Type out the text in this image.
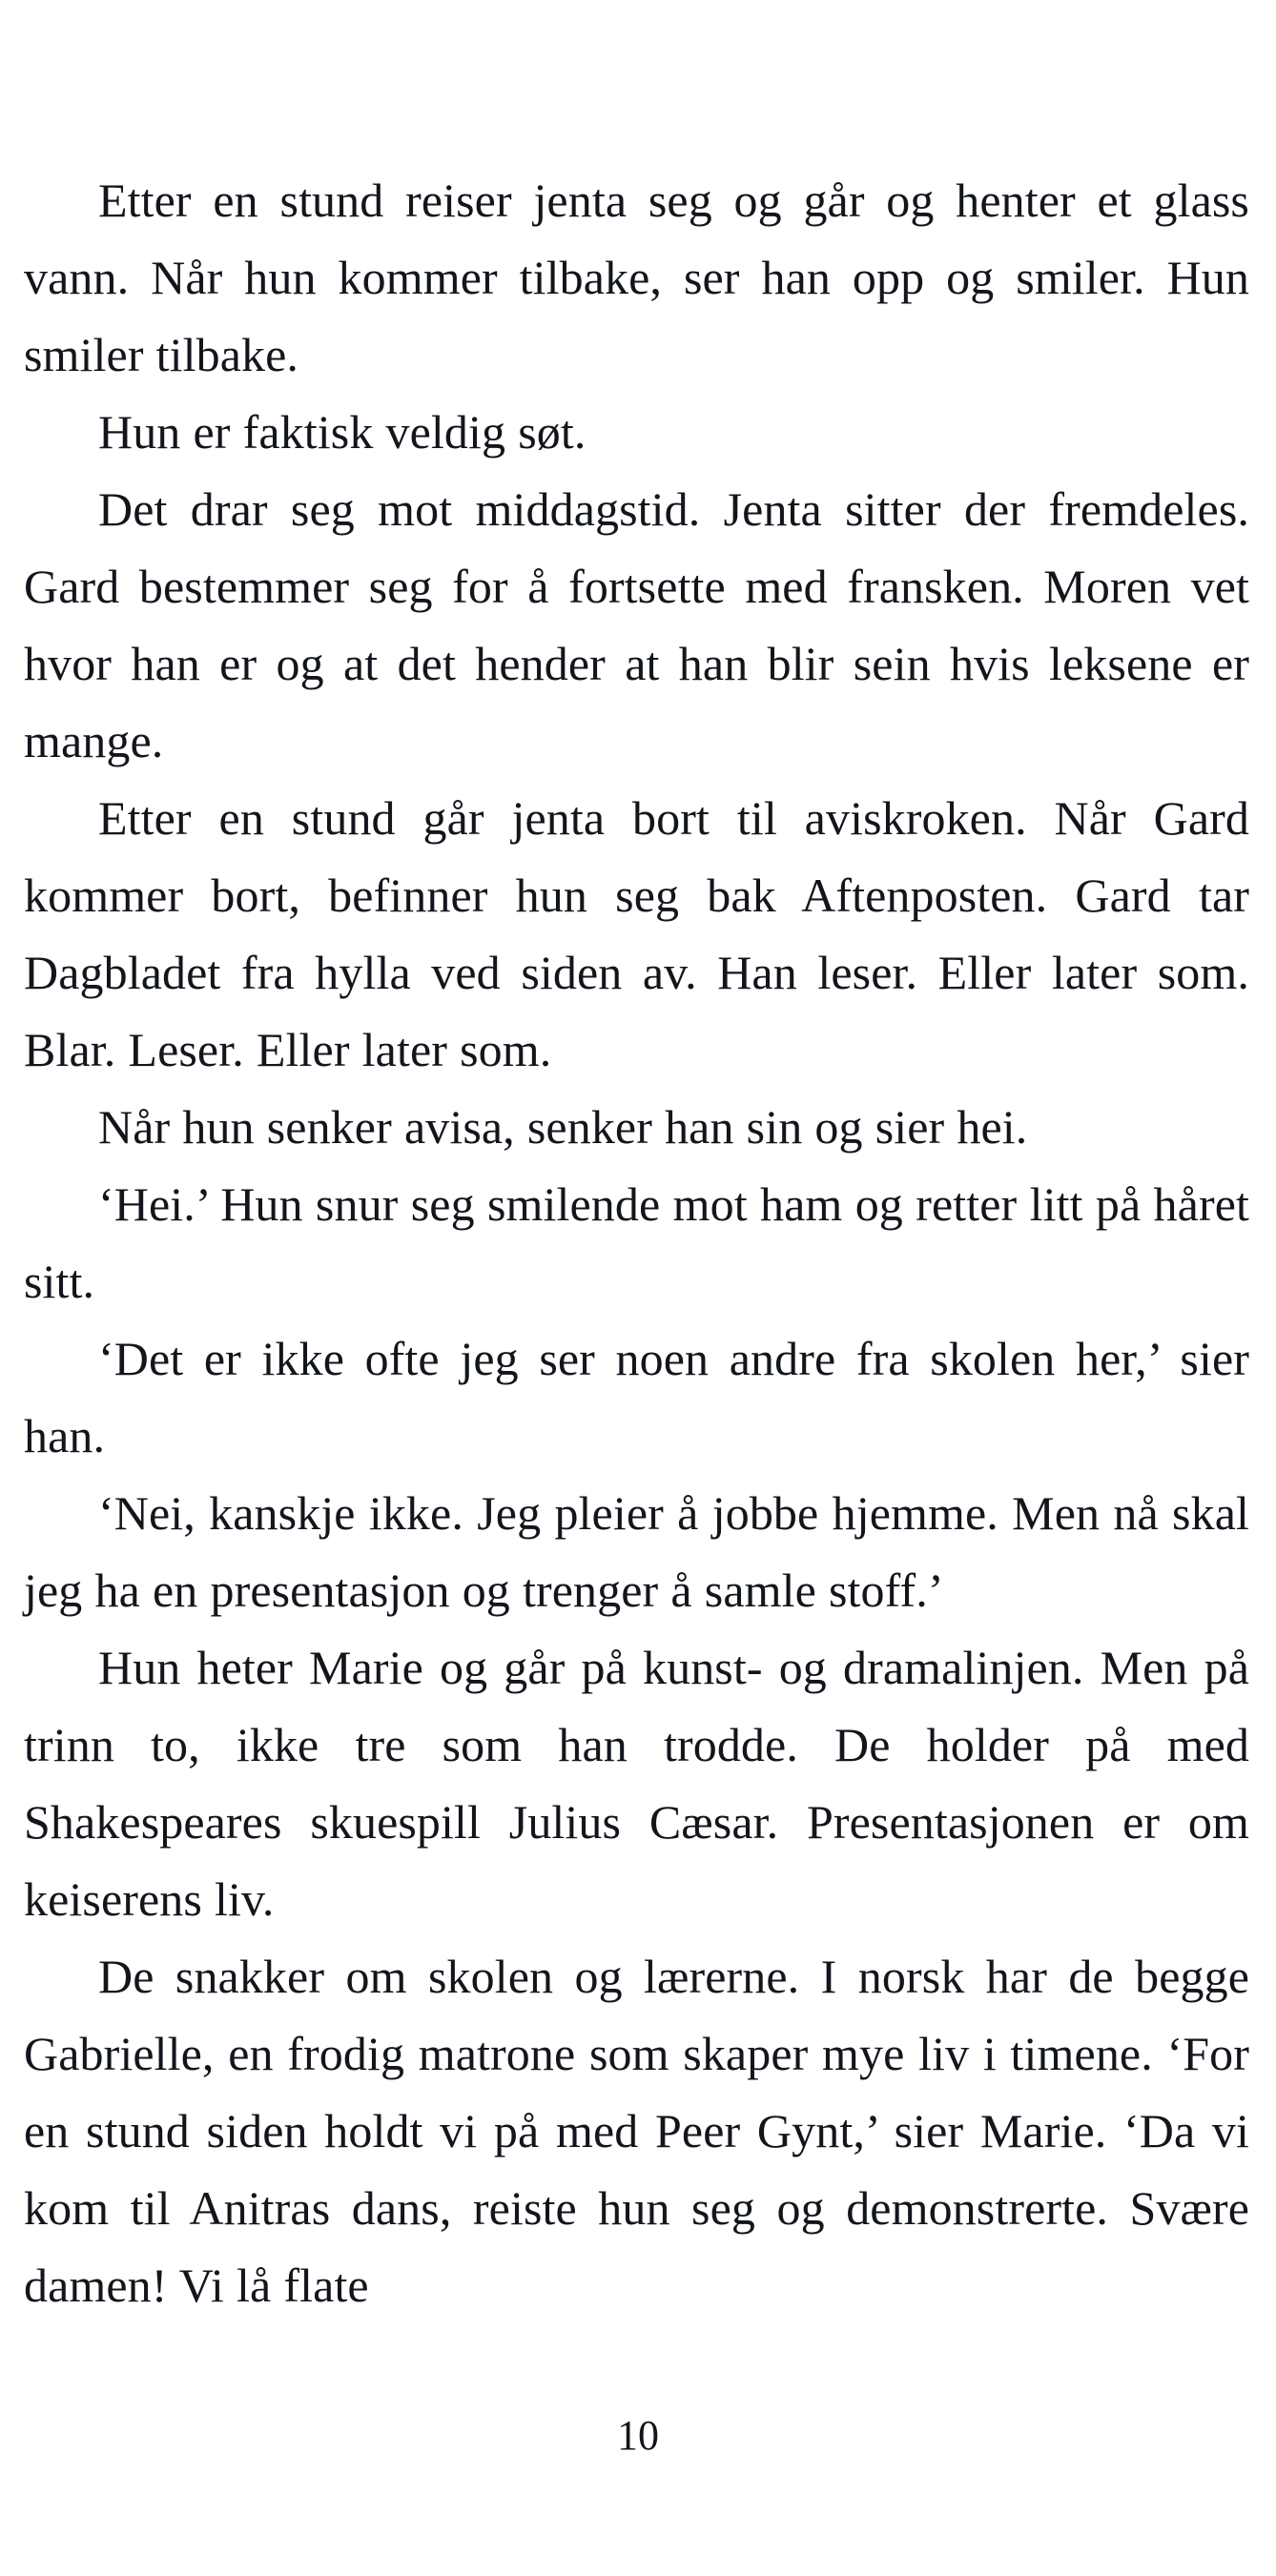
Etter en stund reiser jenta seg og går og henter et glass vann. Når hun kommer tilbake, ser han opp og smiler. Hun smiler tilbake.

Hun er faktisk veldig søt.

Det drar seg mot middagstid. Jenta sitter der fremdeles. Gard bestemmer seg for å fortsette med fransken. Moren vet hvor han er og at det hender at han blir sein hvis leksene er mange.

Etter en stund går jenta bort til aviskroken. Når Gard kommer bort, befinner hun seg bak Aftenposten. Gard tar Dagbladet fra hylla ved siden av. Han leser. Eller later som. Blar. Leser. Eller later som.

Når hun senker avisa, senker han sin og sier hei.

‘Hei.’ Hun snur seg smilende mot ham og retter litt på håret sitt.

‘Det er ikke ofte jeg ser noen andre fra skolen her,’ sier han.

‘Nei, kanskje ikke. Jeg pleier å jobbe hjemme. Men nå skal jeg ha en presentasjon og trenger å samle stoff.’

Hun heter Marie og går på kunst- og dramalinjen. Men på trinn to, ikke tre som han trodde. De holder på med Shakespeares skuespill Julius Cæsar. Presentasjonen er om keiserens liv.

De snakker om skolen og lærerne. I norsk har de begge Gabrielle, en frodig matrone som skaper mye liv i timene. ‘For en stund siden holdt vi på med Peer Gynt,’ sier Marie. ‘Da vi kom til Anitras dans, reiste hun seg og demonstrerte. Svære damen! Vi lå flate

10
